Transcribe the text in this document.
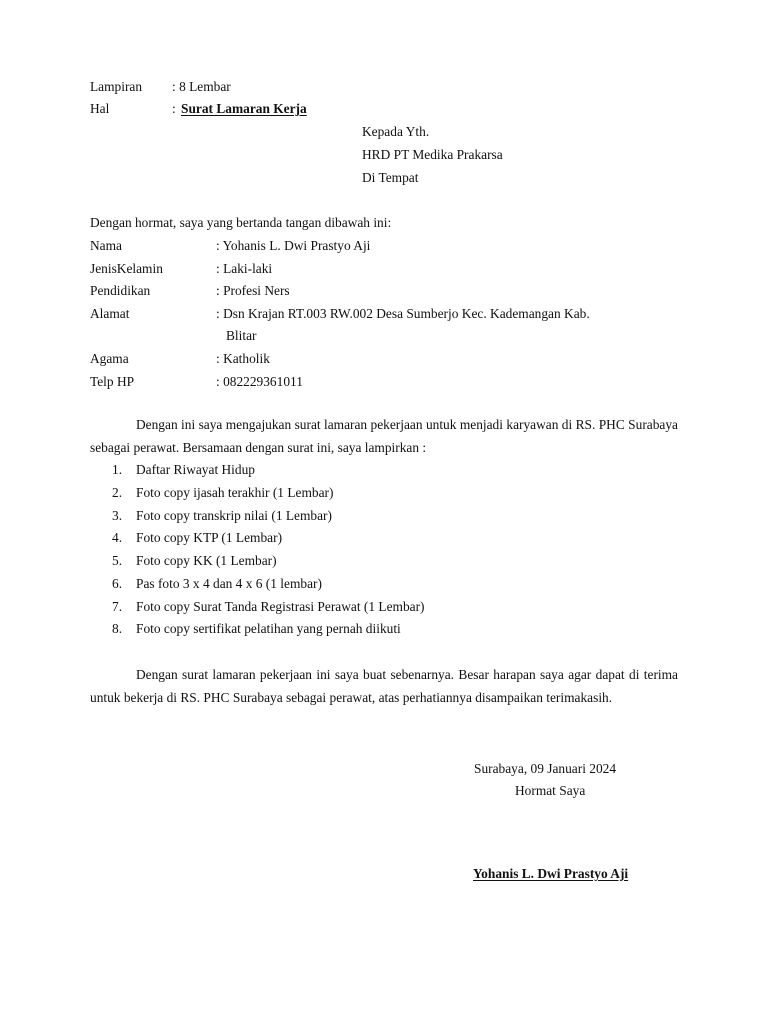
Lampiran : 8 Lembar
Hal	: Surat Lamaran Kerja
Kepada Yth.
HRD PT Medika Prakarsa
Di Tempat
Dengan hormat, saya yang bertanda tangan dibawah ini:
Nama	: Yohanis L. Dwi Prastyo Aji
JenisKelamin	: Laki-laki
Pendidikan	: Profesi Ners
Alamat	: Dsn Krajan RT.003 RW.002 Desa Sumberjo Kec. Kademangan Kab.
Blitar
Agama	: Katholik
Telp HP	: 082229361011

Dengan ini saya mengajukan surat lamaran pekerjaan untuk menjadi karyawan di RS. PHC Surabaya sebagai perawat. Bersamaan dengan surat ini, saya lampirkan :

1. Daftar Riwayat Hidup
2. Foto copy ijasah terakhir (1 Lembar)
3. Foto copy transkrip nilai (1 Lembar)
4. Foto copy KTP (1 Lembar)
5. Foto copy KK (1 Lembar)
6. Pas foto 3 x 4 dan 4 x 6 (1 lembar)
7. Foto copy Surat Tanda Registrasi Perawat (1 Lembar)
8. Foto copy sertifikat pelatihan yang pernah diikuti

Dengan surat lamaran pekerjaan ini saya buat sebenarnya. Besar harapan saya agar dapat di terima untuk bekerja di RS. PHC Surabaya sebagai perawat, atas perhatiannya disampaikan terimakasih.

Surabaya, 09 Januari 2024
Hormat Saya
Yohanis L. Dwi Prastyo Aji
